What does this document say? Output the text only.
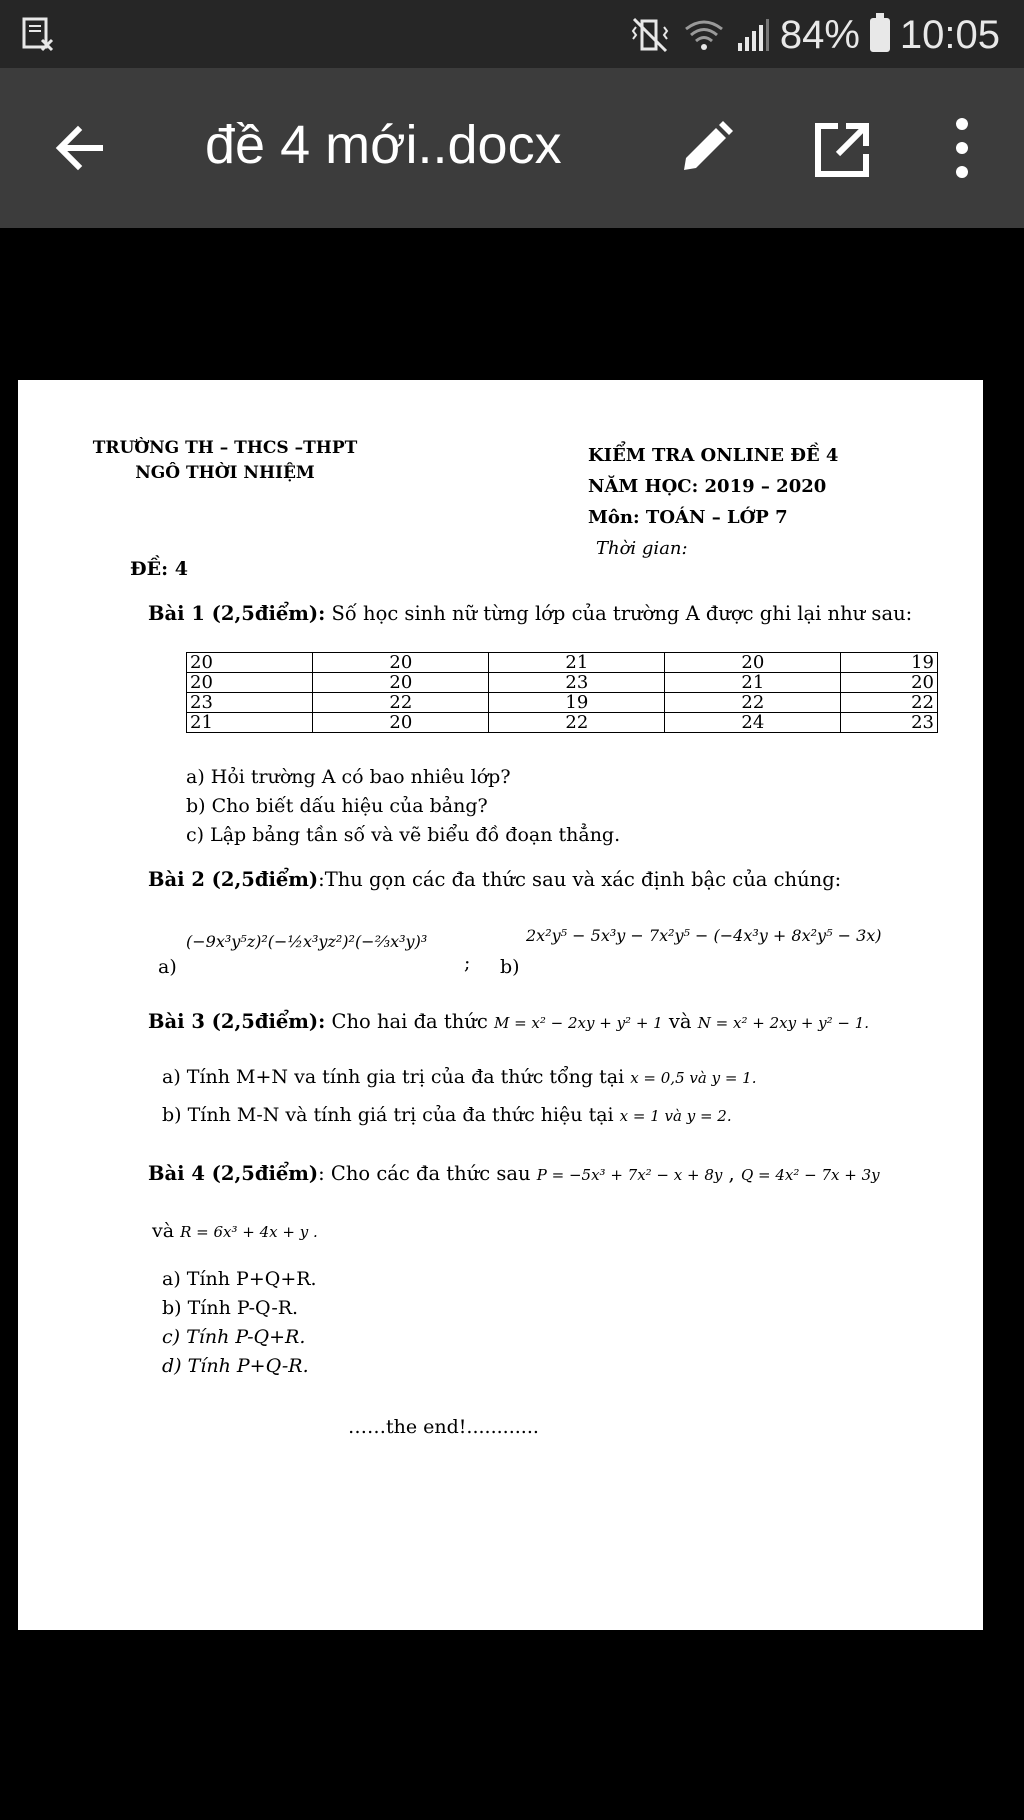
84% 10:05
đề 4 mới..docx
TRƯỜNG TH – THCS –THPT
NGÔ THỜI NHIỆM
KIỂM TRA ONLINE ĐỀ 4
NĂM HỌC: 2019 – 2020
Môn: TOÁN – LỚP 7
Thời gian:
ĐỀ: 4
Bài 1 (2,5điểm): Số học sinh nữ từng lớp của trường A được ghi lại như sau:
20	20	21	20	19
20	20	23	21	20
23	22	19	22	22
21	20	22	24	23
a) Hỏi trường A có bao nhiêu lớp?
b) Cho biết dấu hiệu của bảng?
c) Lập bảng tần số và vẽ biểu đồ đoạn thẳng.
Bài 2 (2,5điểm):Thu gọn các đa thức sau và xác định bậc của chúng:
a)
(−9x³y⁵z)²(−½x³yz²)²(−⅔x³y)³
; b)
2x²y⁵ − 5x³y − 7x²y⁵ − (−4x³y + 8x²y⁵ − 3x)
Bài 3 (2,5điểm): Cho hai đa thức M = x² − 2xy + y² + 1 và N = x² + 2xy + y² − 1.
a) Tính M+N va tính gia trị của đa thức tổng tại x = 0,5 và y = 1.
b) Tính M-N và tính giá trị của đa thức hiệu tại x = 1 và y = 2.
Bài 4 (2,5điểm): Cho các đa thức sau P = −5x³ + 7x² − x + 8y , Q = 4x² − 7x + 3y
và R = 6x³ + 4x + y .
a) Tính P+Q+R.
b) Tính P-Q-R.
c) Tính P-Q+R.
d) Tính P+Q-R.
……the end!............
